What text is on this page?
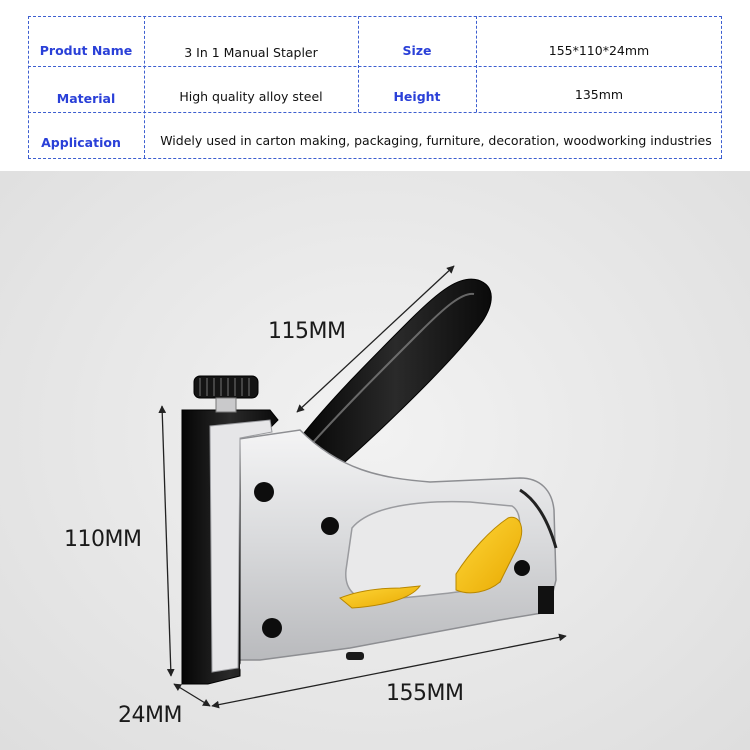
Produt Name	3 In 1 Manual Stapler	Size	155*110*24mm
Material	High quality alloy steel	Height	135mm
Application	Widely used in carton making, packaging, furniture, decoration, woodworking industries
115MM
110MM
155MM
24MM
